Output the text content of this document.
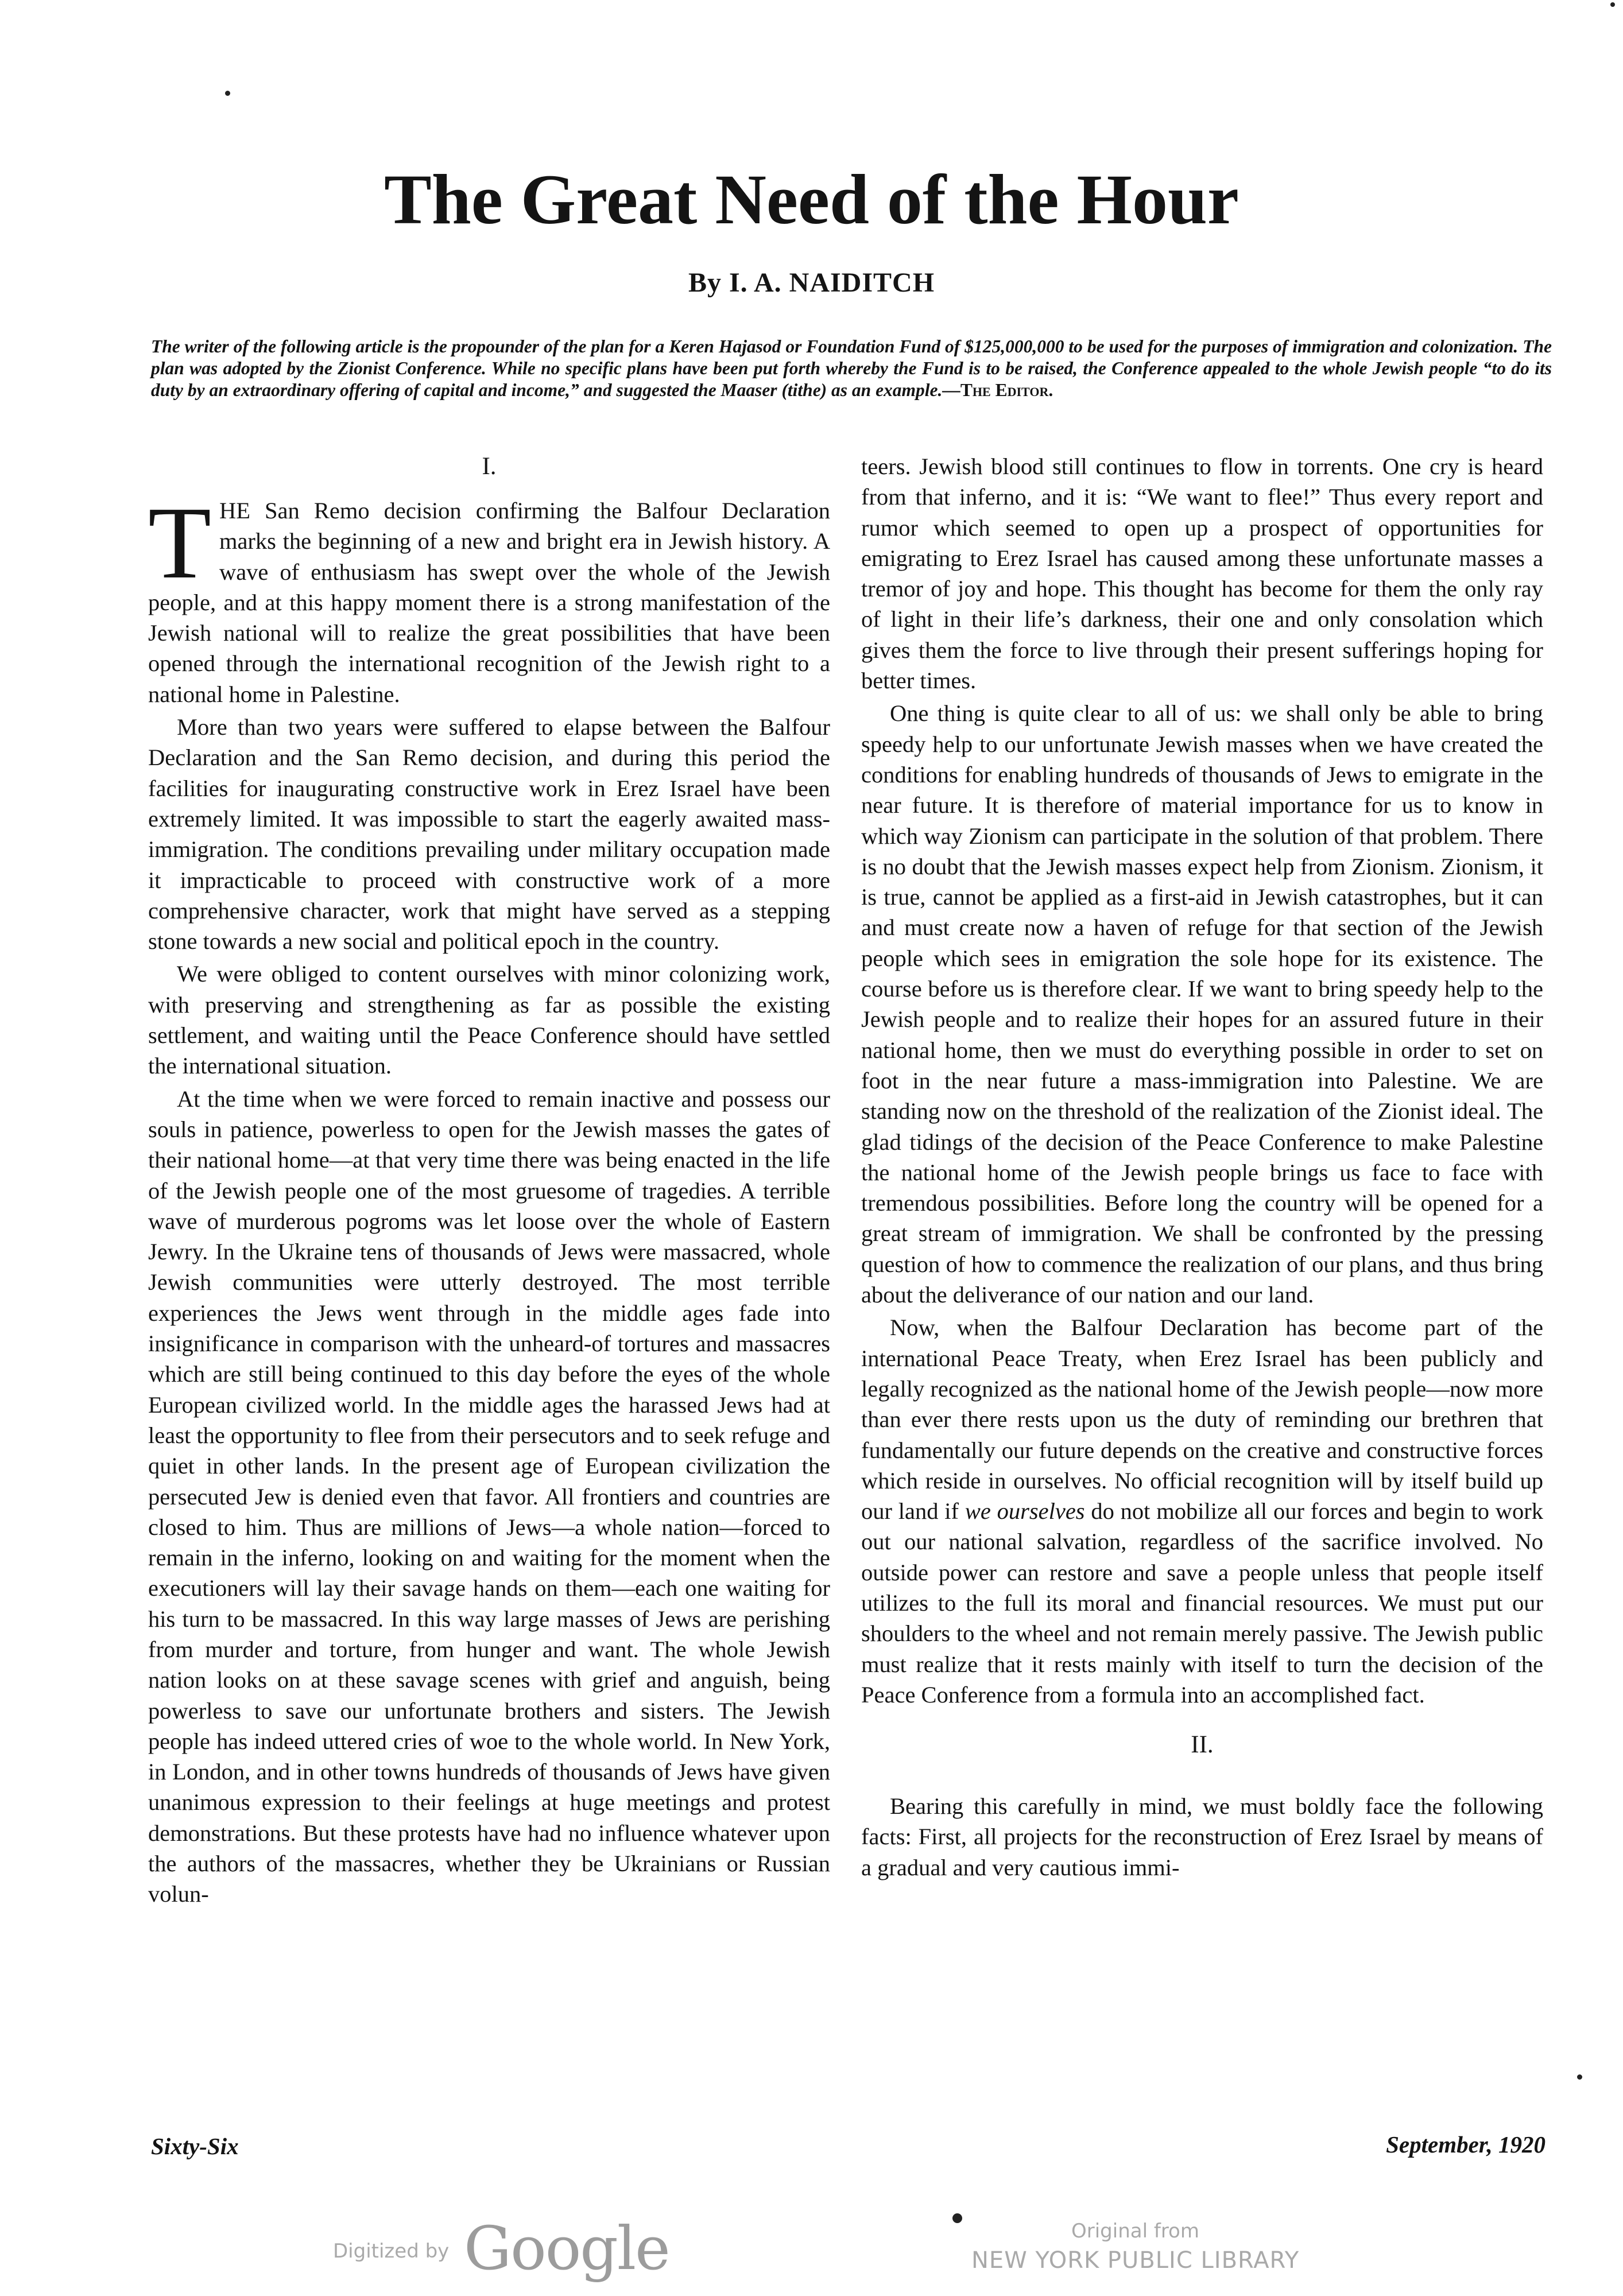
The Great Need of the Hour
By I. A. NAIDITCH
The writer of the following article is the propounder of the plan for a Keren Hajasod or Foundation Fund of $125,000,000 to be used for the purposes of immigration and colonization. The plan was adopted by the Zionist Conference. While no specific plans have been put forth whereby the Fund is to be raised, the Conference appealed to the whole Jewish people “to do its duty by an extraordinary offering of capital and income,” and suggested the Maaser (tithe) as an example.—The Editor.
I.

THE San Remo decision confirming the Balfour Declaration marks the beginning of a new and bright era in Jewish history. A wave of enthusiasm has swept over the whole of the Jewish people, and at this happy moment there is a strong manifestation of the Jewish national will to realize the great possibilities that have been opened through the international recognition of the Jewish right to a national home in Palestine.

More than two years were suffered to elapse between the Balfour Declaration and the San Remo decision, and during this period the facilities for inaugurating constructive work in Erez Israel have been extremely limited. It was impossible to start the eagerly awaited mass-immigration. The conditions prevailing under military occupation made it impracticable to proceed with constructive work of a more comprehensive character, work that might have served as a stepping stone towards a new social and political epoch in the country.

We were obliged to content ourselves with minor colonizing work, with preserving and strengthening as far as possible the existing settlement, and waiting until the Peace Conference should have settled the international situation.

At the time when we were forced to remain inactive and possess our souls in patience, powerless to open for the Jewish masses the gates of their national home—at that very time there was being enacted in the life of the Jewish people one of the most gruesome of tragedies. A terrible wave of murderous pogroms was let loose over the whole of Eastern Jewry. In the Ukraine tens of thousands of Jews were massacred, whole Jewish communities were utterly destroyed. The most terrible experiences the Jews went through in the middle ages fade into insignificance in comparison with the unheard-of tortures and massacres which are still being continued to this day before the eyes of the whole European civilized world. In the middle ages the harassed Jews had at least the opportunity to flee from their persecutors and to seek refuge and quiet in other lands. In the present age of European civilization the persecuted Jew is denied even that favor. All frontiers and countries are closed to him. Thus are millions of Jews—a whole nation—forced to remain in the inferno, looking on and waiting for the moment when the executioners will lay their savage hands on them—each one waiting for his turn to be massacred. In this way large masses of Jews are perishing from murder and torture, from hunger and want. The whole Jewish nation looks on at these savage scenes with grief and anguish, being powerless to save our unfortunate brothers and sisters. The Jewish people has indeed uttered cries of woe to the whole world. In New York, in London, and in other towns hundreds of thousands of Jews have given unanimous expression to their feelings at huge meetings and protest demonstrations. But these protests have had no influence whatever upon the authors of the massacres, whether they be Ukrainians or Russian volun-

teers. Jewish blood still continues to flow in torrents. One cry is heard from that inferno, and it is: “We want to flee!” Thus every report and rumor which seemed to open up a prospect of opportunities for emigrating to Erez Israel has caused among these unfortunate masses a tremor of joy and hope. This thought has become for them the only ray of light in their life’s darkness, their one and only consolation which gives them the force to live through their present sufferings hoping for better times.

One thing is quite clear to all of us: we shall only be able to bring speedy help to our unfortunate Jewish masses when we have created the conditions for enabling hundreds of thousands of Jews to emigrate in the near future. It is therefore of material importance for us to know in which way Zionism can participate in the solution of that problem. There is no doubt that the Jewish masses expect help from Zionism. Zionism, it is true, cannot be applied as a first-aid in Jewish catastrophes, but it can and must create now a haven of refuge for that section of the Jewish people which sees in emigration the sole hope for its existence. The course before us is therefore clear. If we want to bring speedy help to the Jewish people and to realize their hopes for an assured future in their national home, then we must do everything possible in order to set on foot in the near future a mass-immigration into Palestine. We are standing now on the threshold of the realization of the Zionist ideal. The glad tidings of the decision of the Peace Conference to make Palestine the national home of the Jewish people brings us face to face with tremendous possibilities. Before long the country will be opened for a great stream of immigration. We shall be confronted by the pressing question of how to commence the realization of our plans, and thus bring about the deliverance of our nation and our land.

Now, when the Balfour Declaration has become part of the international Peace Treaty, when Erez Israel has been publicly and legally recognized as the national home of the Jewish people—now more than ever there rests upon us the duty of reminding our brethren that fundamentally our future depends on the creative and constructive forces which reside in ourselves. No official recognition will by itself build up our land if we ourselves do not mobilize all our forces and begin to work out our national salvation, regardless of the sacrifice involved. No outside power can restore and save a people unless that people itself utilizes to the full its moral and financial resources. We must put our shoulders to the wheel and not remain merely passive. The Jewish public must realize that it rests mainly with itself to turn the decision of the Peace Conference from a formula into an accomplished fact.

II.

Bearing this carefully in mind, we must boldly face the following facts: First, all projects for the reconstruction of Erez Israel by means of a gradual and very cautious immi-

Sixty-Six	September, 1920
Digitized by Google	Original from
NEW YORK PUBLIC LIBRARY
